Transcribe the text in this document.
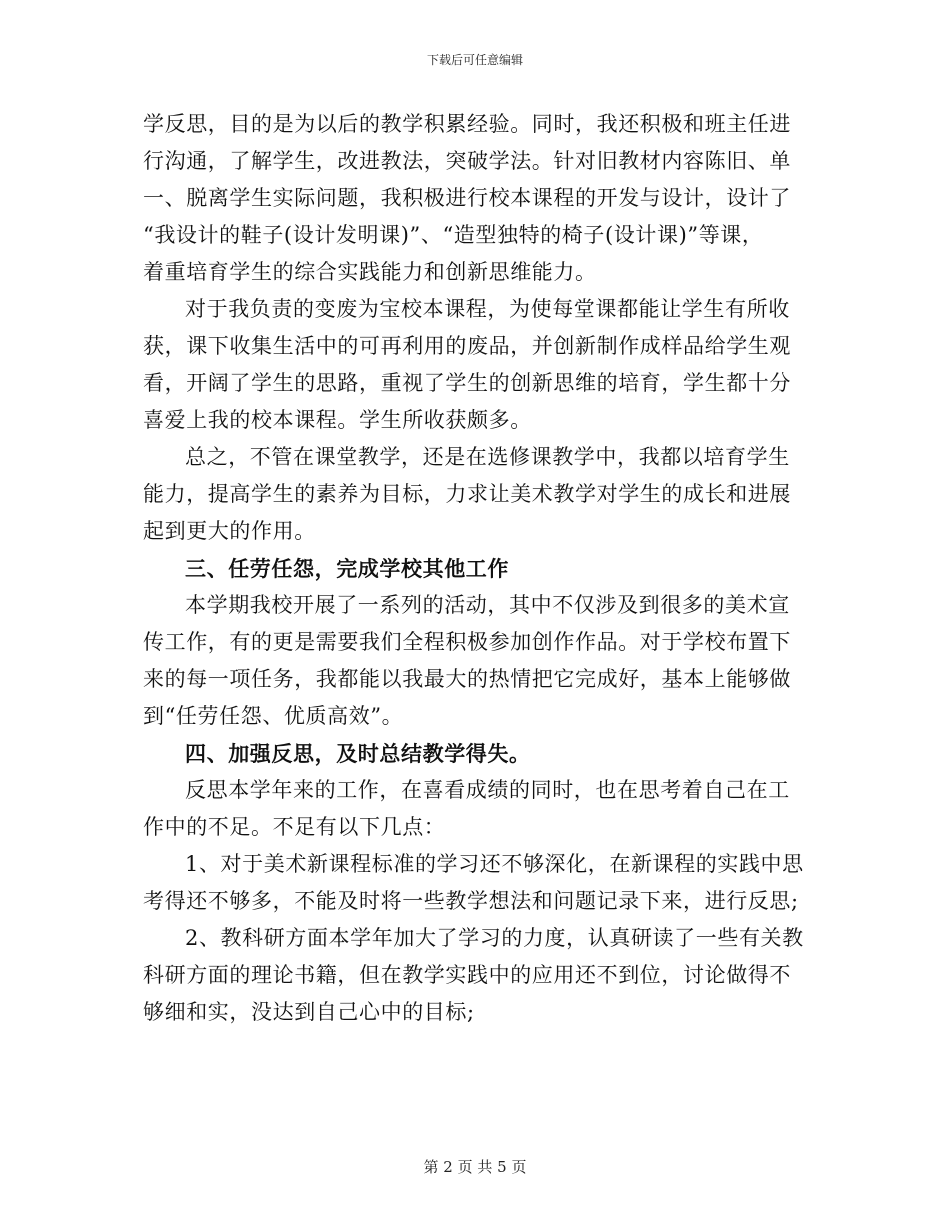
下载后可任意编辑
学反思，目的是为以后的教学积累经验。同时，我还积极和班主任进
行沟通，了解学生，改进教法，突破学法。针对旧教材内容陈旧、单
一、脱离学生实际问题，我积极进行校本课程的开发与设计，设计了
“我设计的鞋子(设计发明课)”、“造型独特的椅子(设计课)”等课，
着重培育学生的综合实践能力和创新思维能力。
对于我负责的变废为宝校本课程，为使每堂课都能让学生有所收
获，课下收集生活中的可再利用的废品，并创新制作成样品给学生观
看，开阔了学生的思路，重视了学生的创新思维的培育，学生都十分
喜爱上我的校本课程。学生所收获颇多。
总之，不管在课堂教学，还是在选修课教学中，我都以培育学生
能力，提高学生的素养为目标，力求让美术教学对学生的成长和进展
起到更大的作用。
三、任劳任怨，完成学校其他工作
本学期我校开展了一系列的活动，其中不仅涉及到很多的美术宣
传工作，有的更是需要我们全程积极参加创作作品。对于学校布置下
来的每一项任务，我都能以我最大的热情把它完成好，基本上能够做
到“任劳任怨、优质高效”。
四、加强反思，及时总结教学得失。
反思本学年来的工作，在喜看成绩的同时，也在思考着自己在工
作中的不足。不足有以下几点：
1、对于美术新课程标准的学习还不够深化，在新课程的实践中思
考得还不够多，不能及时将一些教学想法和问题记录下来，进行反思;
2、教科研方面本学年加大了学习的力度，认真研读了一些有关教
科研方面的理论书籍，但在教学实践中的应用还不到位，讨论做得不
够细和实，没达到自己心中的目标;
第 2 页 共 5 页
